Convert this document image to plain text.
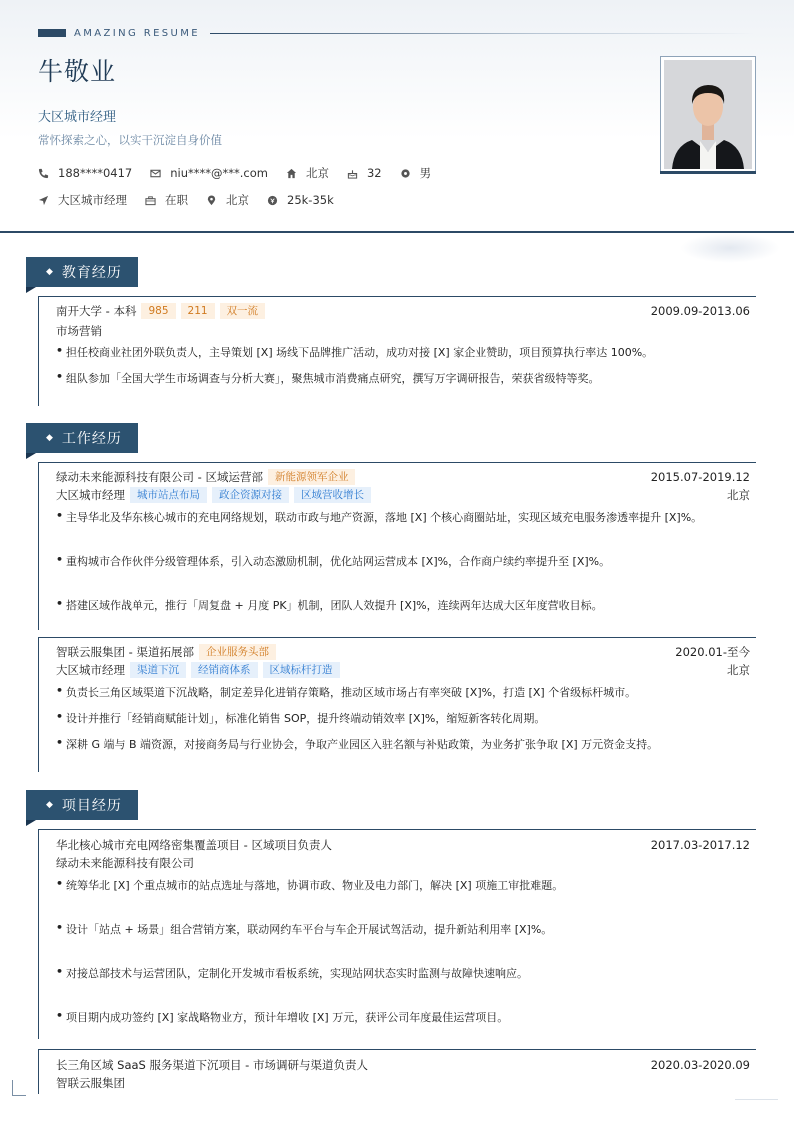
AMAZING RESUME
牛敬业
大区城市经理
常怀探索之心，以实干沉淀自身价值
188****0417	niu****@***.com	北京	32	男
大区城市经理	在职	北京	25k-35k
◆ 教育经历
南开大学 - 本科	985	211	双一流	2009.09-2013.06
市场营销
• 担任校商业社团外联负责人，主导策划 [X] 场线下品牌推广活动，成功对接 [X] 家企业赞助，项目预算执行率达 100%。
• 组队参加「全国大学生市场调查与分析大赛」，聚焦城市消费痛点研究，撰写万字调研报告，荣获省级特等奖。
◆ 工作经历
绿动未来能源科技有限公司 - 区域运营部	新能源领军企业	2015.07-2019.12
大区城市经理	城市站点布局	政企资源对接	区域营收增长	北京
• 主导华北及华东核心城市的充电网络规划，联动市政与地产资源，落地 [X] 个核心商圈站址，实现区域充电服务渗透率提升 [X]%。
• 重构城市合作伙伴分级管理体系，引入动态激励机制，优化站网运营成本 [X]%，合作商户续约率提升至 [X]%。
• 搭建区域作战单元，推行「周复盘 + 月度 PK」机制，团队人效提升 [X]%，连续两年达成大区年度营收目标。
智联云服集团 - 渠道拓展部	企业服务头部	2020.01-至今
大区城市经理	渠道下沉	经销商体系	区域标杆打造	北京
• 负责长三角区域渠道下沉战略，制定差异化进销存策略，推动区域市场占有率突破 [X]%，打造 [X] 个省级标杆城市。
• 设计并推行「经销商赋能计划」，标准化销售 SOP，提升终端动销效率 [X]%，缩短新客转化周期。
• 深耕 G 端与 B 端资源，对接商务局与行业协会，争取产业园区入驻名额与补贴政策，为业务扩张争取 [X] 万元资金支持。
◆ 项目经历
华北核心城市充电网络密集覆盖项目 - 区域项目负责人	2017.03-2017.12
绿动未来能源科技有限公司
• 统筹华北 [X] 个重点城市的站点选址与落地，协调市政、物业及电力部门，解决 [X] 项施工审批难题。
• 设计「站点 + 场景」组合营销方案，联动网约车平台与车企开展试驾活动，提升新站利用率 [X]%。
• 对接总部技术与运营团队，定制化开发城市看板系统，实现站网状态实时监测与故障快速响应。
• 项目期内成功签约 [X] 家战略物业方，预计年增收 [X] 万元，获评公司年度最佳运营项目。
长三角区域 SaaS 服务渠道下沉项目 - 市场调研与渠道负责人	2020.03-2020.09
智联云服集团
